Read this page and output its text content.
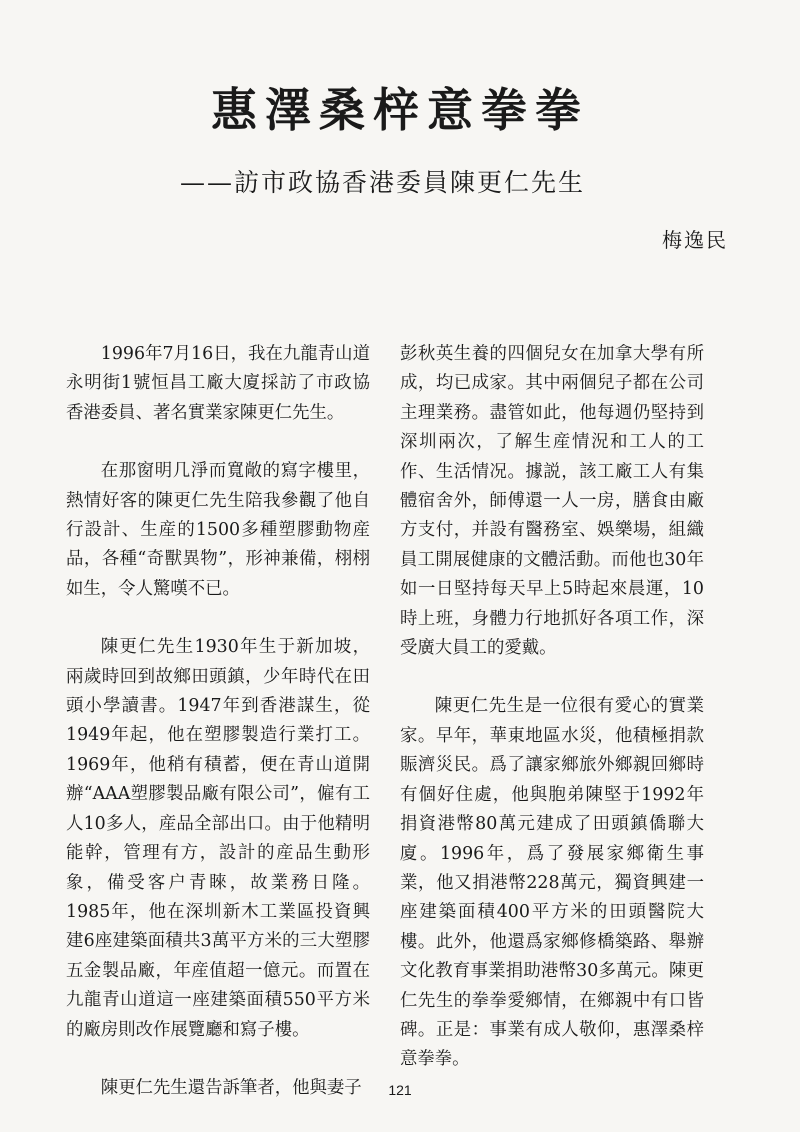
惠澤桑梓意拳拳
——訪市政協香港委員陳更仁先生
梅逸民

1996年7月16日，我在九龍青山道永明街1號恒昌工廠大廈採訪了市政協香港委員、著名實業家陳更仁先生。

在那窗明几淨而寬敞的寫字樓里，熱情好客的陳更仁先生陪我參觀了他自行設計、生産的1500多種塑膠動物産品，各種“奇獸異物”，形神兼備，栩栩如生，令人驚嘆不已。

陳更仁先生1930年生于新加坡，兩歲時回到故鄉田頭鎮，少年時代在田頭小學讀書。1947年到香港謀生，從1949年起，他在塑膠製造行業打工。1969年，他稍有積蓄，便在青山道開辦“AAA塑膠製品廠有限公司”，僱有工人10多人，産品全部出口。由于他精明能幹，管理有方，設計的産品生動形象，備受客户青睞，故業務日隆。1985年，他在深圳新木工業區投資興建6座建築面積共3萬平方米的三大塑膠五金製品廠，年産值超一億元。而置在九龍青山道這一座建築面積550平方米的廠房則改作展覽廳和寫子樓。

陳更仁先生還告訴筆者，他與妻子

彭秋英生養的四個兒女在加拿大學有所成，均已成家。其中兩個兒子都在公司主理業務。盡管如此，他每週仍堅持到深圳兩次，了解生産情況和工人的工作、生活情况。據説，該工廠工人有集體宿舍外，師傅還一人一房，膳食由廠方支付，并設有醫務室、娛樂場，組織員工開展健康的文體活動。而他也30年如一日堅持每天早上5時起來晨運，10時上班，身體力行地抓好各項工作，深受廣大員工的愛戴。

陳更仁先生是一位很有愛心的實業家。早年，華東地區水災，他積極捐款賑濟災民。爲了讓家鄉旅外鄉親回鄉時有個好住處，他與胞弟陳堅于1992年捐資港幣80萬元建成了田頭鎮僑聯大廈。1996年，爲了發展家鄉衛生事業，他又捐港幣228萬元，獨資興建一座建築面積400平方米的田頭醫院大樓。此外，他還爲家鄉修橋築路、舉辦文化教育事業捐助港幣30多萬元。陳更仁先生的拳拳愛鄉情，在鄉親中有口皆碑。正是：事業有成人敬仰，惠澤桑梓意拳拳。

121
